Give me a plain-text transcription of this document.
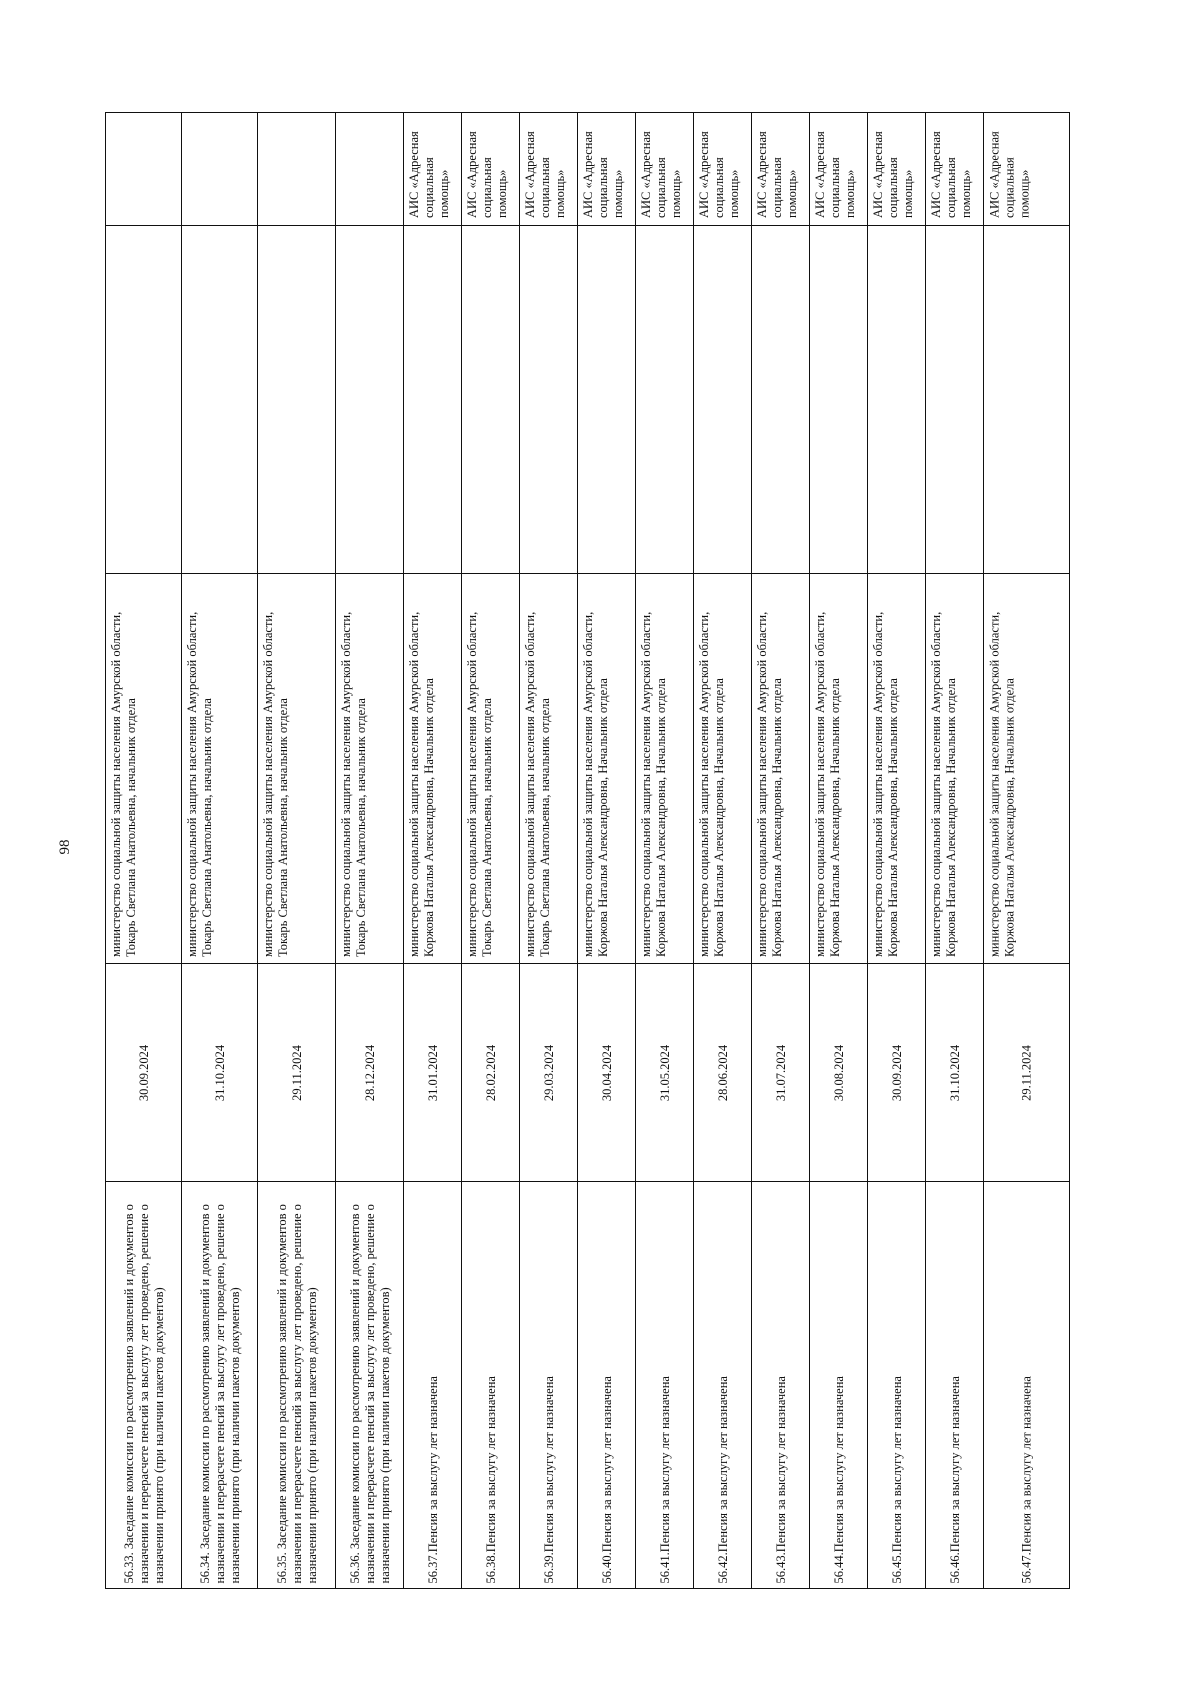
98	министерство социальной защиты населения Амурской области, Токарь Светлана Анатольевна, начальник отдела
30.09.2024
56.33. Заседание комиссии по рассмотрению заявлений и документов о назначении и перерасчете пенсий за выслугу лет проведено, решение о назначении принято (при наличии пакетов документов)
министерство социальной защиты населения Амурской области, Токарь Светлана Анатольевна, начальник отдела
31.10.2024
56.34. Заседание комиссии по рассмотрению заявлений и документов о назначении и перерасчете пенсий за выслугу лет проведено, решение о назначении принято (при наличии пакетов документов)
министерство социальной защиты населения Амурской области, Токарь Светлана Анатольевна, начальник отдела
29.11.2024
56.35. Заседание комиссии по рассмотрению заявлений и документов о назначении и перерасчете пенсий за выслугу лет проведено, решение о назначении принято (при наличии пакетов документов)
министерство социальной защиты населения Амурской области, Токарь Светлана Анатольевна, начальник отдела
28.12.2024
56.36. Заседание комиссии по рассмотрению заявлений и документов о назначении и перерасчете пенсий за выслугу лет проведено, решение о назначении принято (при наличии пакетов документов)
АИС «Адресная социальная помощь»
министерство социальной защиты населения Амурской области, Коржова Наталья Александровна, Начальник отдела
31.01.2024
56.37.Пенсия за выслугу лет назначена
АИС «Адресная социальная помощь»
министерство социальной защиты населения Амурской области, Токарь Светлана Анатольевна, начальник отдела
28.02.2024
56.38.Пенсия за выслугу лет назначена
АИС «Адресная социальная помощь»
министерство социальной защиты населения Амурской области, Токарь Светлана Анатольевна, начальник отдела
29.03.2024
56.39.Пенсия за выслугу лет назначена
АИС «Адресная социальная помощь»
министерство социальной защиты населения Амурской области, Коржова Наталья Александровна, Начальник отдела
30.04.2024
56.40.Пенсия за выслугу лет назначена
АИС «Адресная социальная помощь»
министерство социальной защиты населения Амурской области, Коржова Наталья Александровна, Начальник отдела
31.05.2024
56.41.Пенсия за выслугу лет назначена
АИС «Адресная социальная помощь»
министерство социальной защиты населения Амурской области, Коржова Наталья Александровна, Начальник отдела
28.06.2024
56.42.Пенсия за выслугу лет назначена
АИС «Адресная социальная помощь»
министерство социальной защиты населения Амурской области, Коржова Наталья Александровна, Начальник отдела
31.07.2024
56.43.Пенсия за выслугу лет назначена
АИС «Адресная социальная помощь»
министерство социальной защиты населения Амурской области, Коржова Наталья Александровна, Начальник отдела
30.08.2024
56.44.Пенсия за выслугу лет назначена
АИС «Адресная социальная помощь»
министерство социальной защиты населения Амурской области, Коржова Наталья Александровна, Начальник отдела
30.09.2024
56.45.Пенсия за выслугу лет назначена
АИС «Адресная социальная помощь»
министерство социальной защиты населения Амурской области, Коржова Наталья Александровна, Начальник отдела
31.10.2024
56.46.Пенсия за выслугу лет назначена
АИС «Адресная социальная помощь»
министерство социальной защиты населения Амурской области, Коржова Наталья Александровна, Начальник отдела
29.11.2024
56.47.Пенсия за выслугу лет назначена
